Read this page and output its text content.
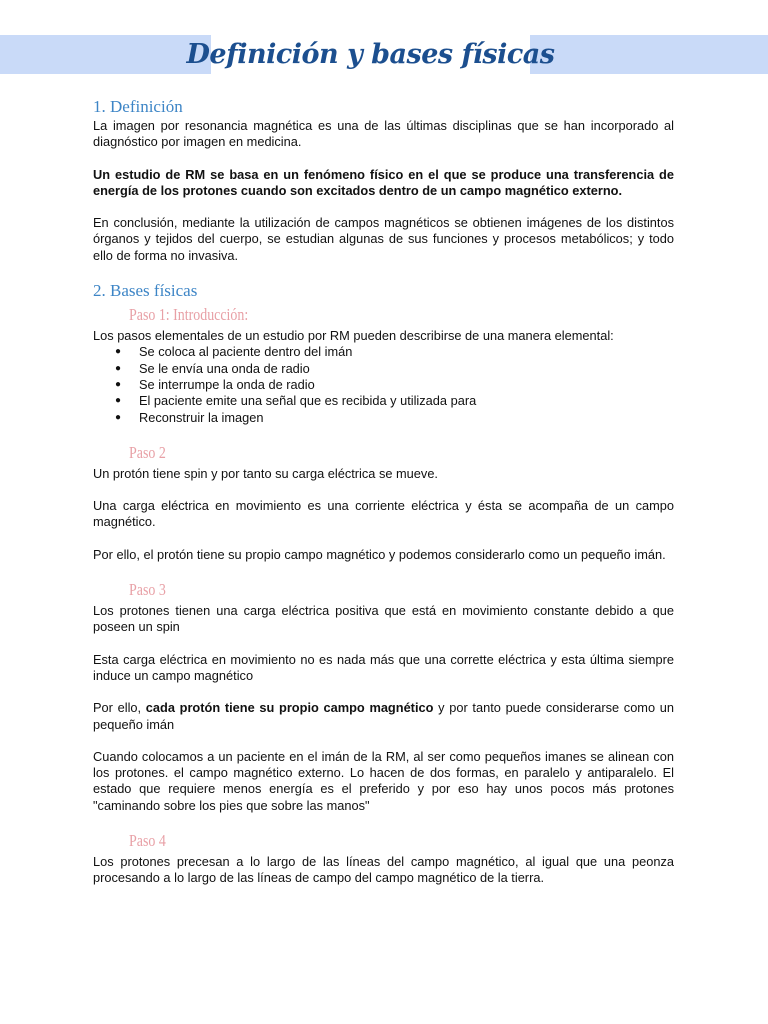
Definición y bases físicas
1. Definición

La imagen por resonancia magnética es una de las últimas disciplinas que se han incorporado al diagnóstico por imagen en medicina.

Un estudio de RM se basa en un fenómeno físico en el que se produce una transferencia de energía de los protones cuando son excitados dentro de un campo magnético externo.

En conclusión, mediante la utilización de campos magnéticos se obtienen imágenes de los distintos órganos y tejidos del cuerpo, se estudian algunas de sus funciones y procesos metabólicos; y todo ello de forma no invasiva.

2. Bases físicas
Paso 1: Introducción:

Los pasos elementales de un estudio por RM pueden describirse de una manera elemental:

● Se coloca al paciente dentro del imán
● Se le envía una onda de radio
● Se interrumpe la onda de radio
● El paciente emite una señal que es recibida y utilizada para
● Reconstruir la imagen
Paso 2

Un protón tiene spin y por tanto su carga eléctrica se mueve.

Una carga eléctrica en movimiento es una corriente eléctrica y ésta se acompaña de un campo magnético.

Por ello, el protón tiene su propio campo magnético y podemos considerarlo como un pequeño imán.

Paso 3

Los protones tienen una carga eléctrica positiva que está en movimiento constante debido a que poseen un spin

Esta carga eléctrica en movimiento no es nada más que una corrette eléctrica y esta última siempre induce un campo magnético

Por ello, cada protón tiene su propio campo magnético y por tanto puede considerarse como un pequeño imán

Cuando colocamos a un paciente en el imán de la RM, al ser como pequeños imanes se alinean con los protones. el campo magnético externo. Lo hacen de dos formas, en paralelo y antiparalelo. El estado que requiere menos energía es el preferido y por eso hay unos pocos más protones "caminando sobre los pies que sobre las manos"

Paso 4

Los protones precesan a lo largo de las líneas del campo magnético, al igual que una peonza procesando a lo largo de las líneas de campo del campo magnético de la tierra.
